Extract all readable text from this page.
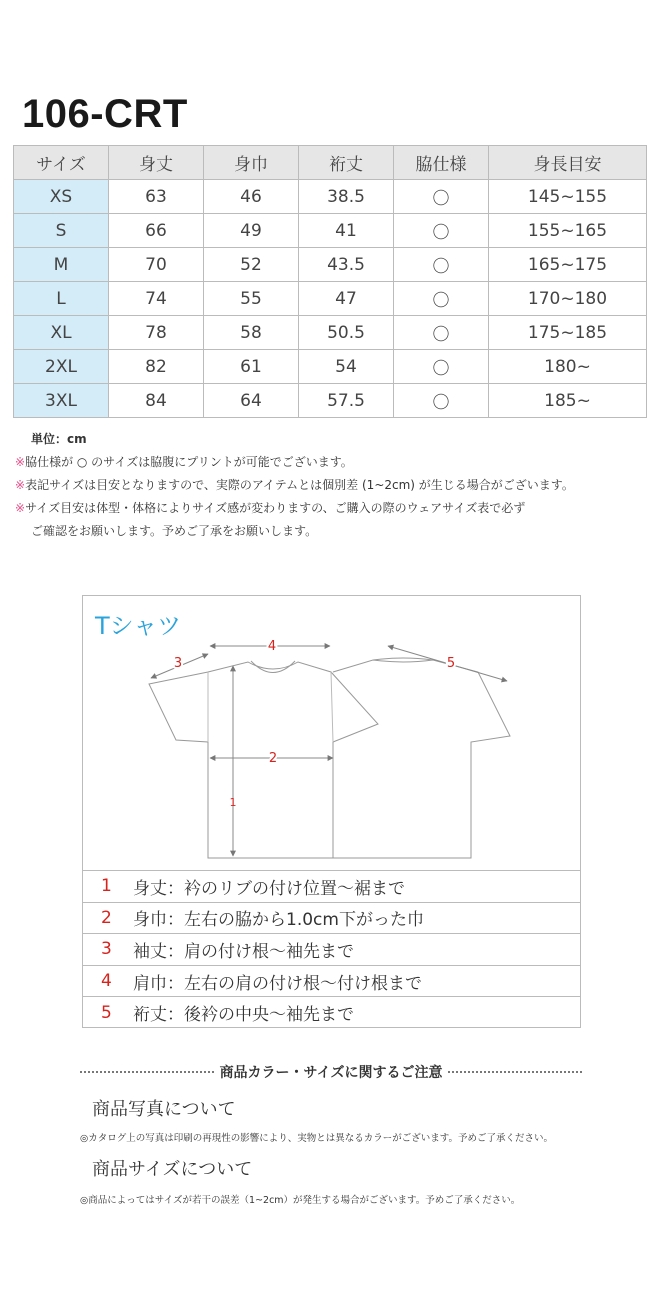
106-CRT
サイズ	身丈	身巾	裄丈	脇仕様	身長目安
XS	63	46	38.5	〇	145~155
S	66	49	41	〇	155~165
M	70	52	43.5	〇	165~175
L	74	55	47	〇	170~180
XL	78	58	50.5	〇	175~185
2XL	82	61	54	〇	180~
3XL	84	64	57.5	〇	185~
単位：cm
※脇仕様が ○ のサイズは脇腹にプリントが可能でございます。
※表記サイズは目安となりますので、実際のアイテムとは個別差 (1~2cm) が生じる場合がございます。
※サイズ目安は体型・体格によりサイズ感が変わりますの、ご購入の際のウェアサイズ表で必ず
ご確認をお願いします。予めご了承をお願いします。
Tシャツ
1
2
3
4
5
1	身丈：衿のリブの付け位置～裾まで
2	身巾：左右の脇から1.0cm下がった巾
3	袖丈：肩の付け根～袖先まで
4	肩巾：左右の肩の付け根～付け根まで
5	裄丈：後衿の中央～袖先まで
商品カラー・サイズに関するご注意
商品写真について
◎カタログ上の写真は印刷の再現性の影響により、実物とは異なるカラーがございます。予めご了承ください。
商品サイズについて
◎商品によってはサイズが若干の誤差（1~2cm）が発生する場合がございます。予めご了承ください。
